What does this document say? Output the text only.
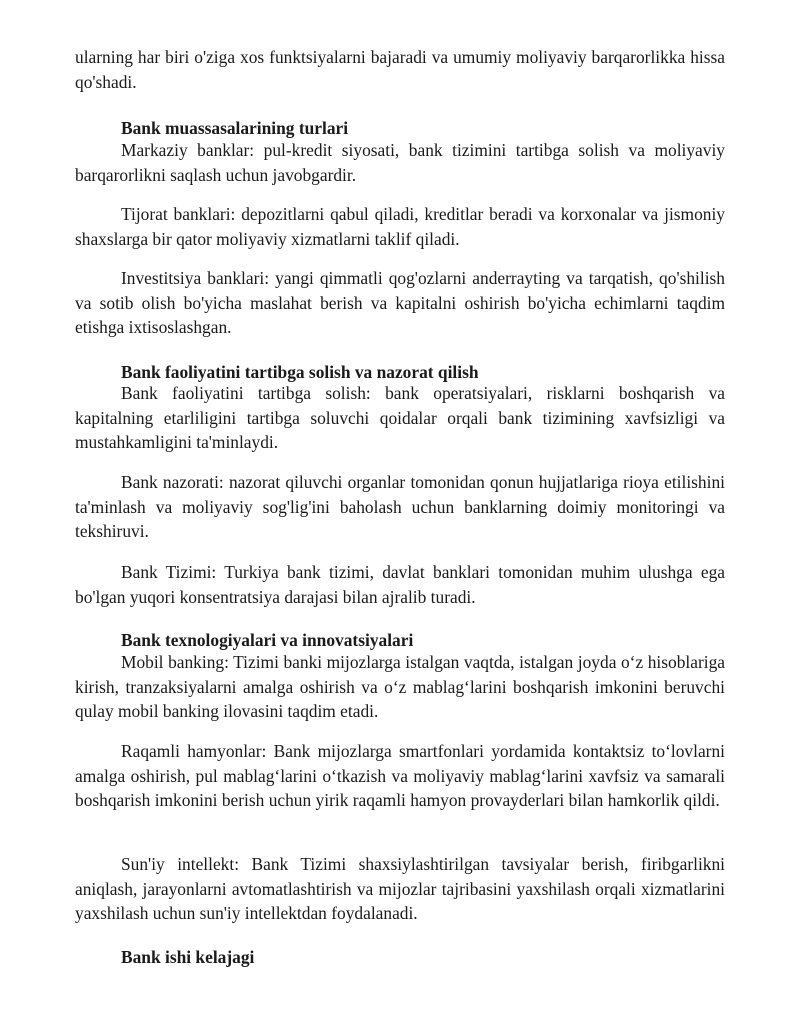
ularning har biri o'ziga xos funktsiyalarni bajaradi va umumiy moliyaviy barqarorlikka hissa qo'shadi.

Bank muassasalarining turlari

Markaziy banklar: pul-kredit siyosati, bank tizimini tartibga solish va moliyaviy barqarorlikni saqlash uchun javobgardir.

Tijorat banklari: depozitlarni qabul qiladi, kreditlar beradi va korxonalar va jismoniy shaxslarga bir qator moliyaviy xizmatlarni taklif qiladi.

Investitsiya banklari: yangi qimmatli qog'ozlarni anderrayting va tarqatish, qo'shilish va sotib olish bo'yicha maslahat berish va kapitalni oshirish bo'yicha echimlarni taqdim etishga ixtisoslashgan.

Bank faoliyatini tartibga solish va nazorat qilish

Bank faoliyatini tartibga solish: bank operatsiyalari, risklarni boshqarish va kapitalning etarliligini tartibga soluvchi qoidalar orqali bank tizimining xavfsizligi va mustahkamligini ta'minlaydi.

Bank nazorati: nazorat qiluvchi organlar tomonidan qonun hujjatlariga rioya etilishini ta'minlash va moliyaviy sog'lig'ini baholash uchun banklarning doimiy monitoringi va tekshiruvi.

Bank Tizimi: Turkiya bank tizimi, davlat banklari tomonidan muhim ulushga ega bo'lgan yuqori konsentratsiya darajasi bilan ajralib turadi.

Bank texnologiyalari va innovatsiyalari

Mobil banking: Tizimi banki mijozlarga istalgan vaqtda, istalgan joyda o‘z hisoblariga kirish, tranzaksiyalarni amalga oshirish va o‘z mablag‘larini boshqarish imkonini beruvchi qulay mobil banking ilovasini taqdim etadi.

Raqamli hamyonlar: Bank mijozlarga smartfonlari yordamida kontaktsiz to‘lovlarni amalga oshirish, pul mablag‘larini o‘tkazish va moliyaviy mablag‘larini xavfsiz va samarali boshqarish imkonini berish uchun yirik raqamli hamyon provayderlari bilan hamkorlik qildi.

Sun'iy intellekt: Bank Tizimi shaxsiylashtirilgan tavsiyalar berish, firibgarlikni aniqlash, jarayonlarni avtomatlashtirish va mijozlar tajribasini yaxshilash orqali xizmatlarini yaxshilash uchun sun'iy intellektdan foydalanadi.

Bank ishi kelajagi
